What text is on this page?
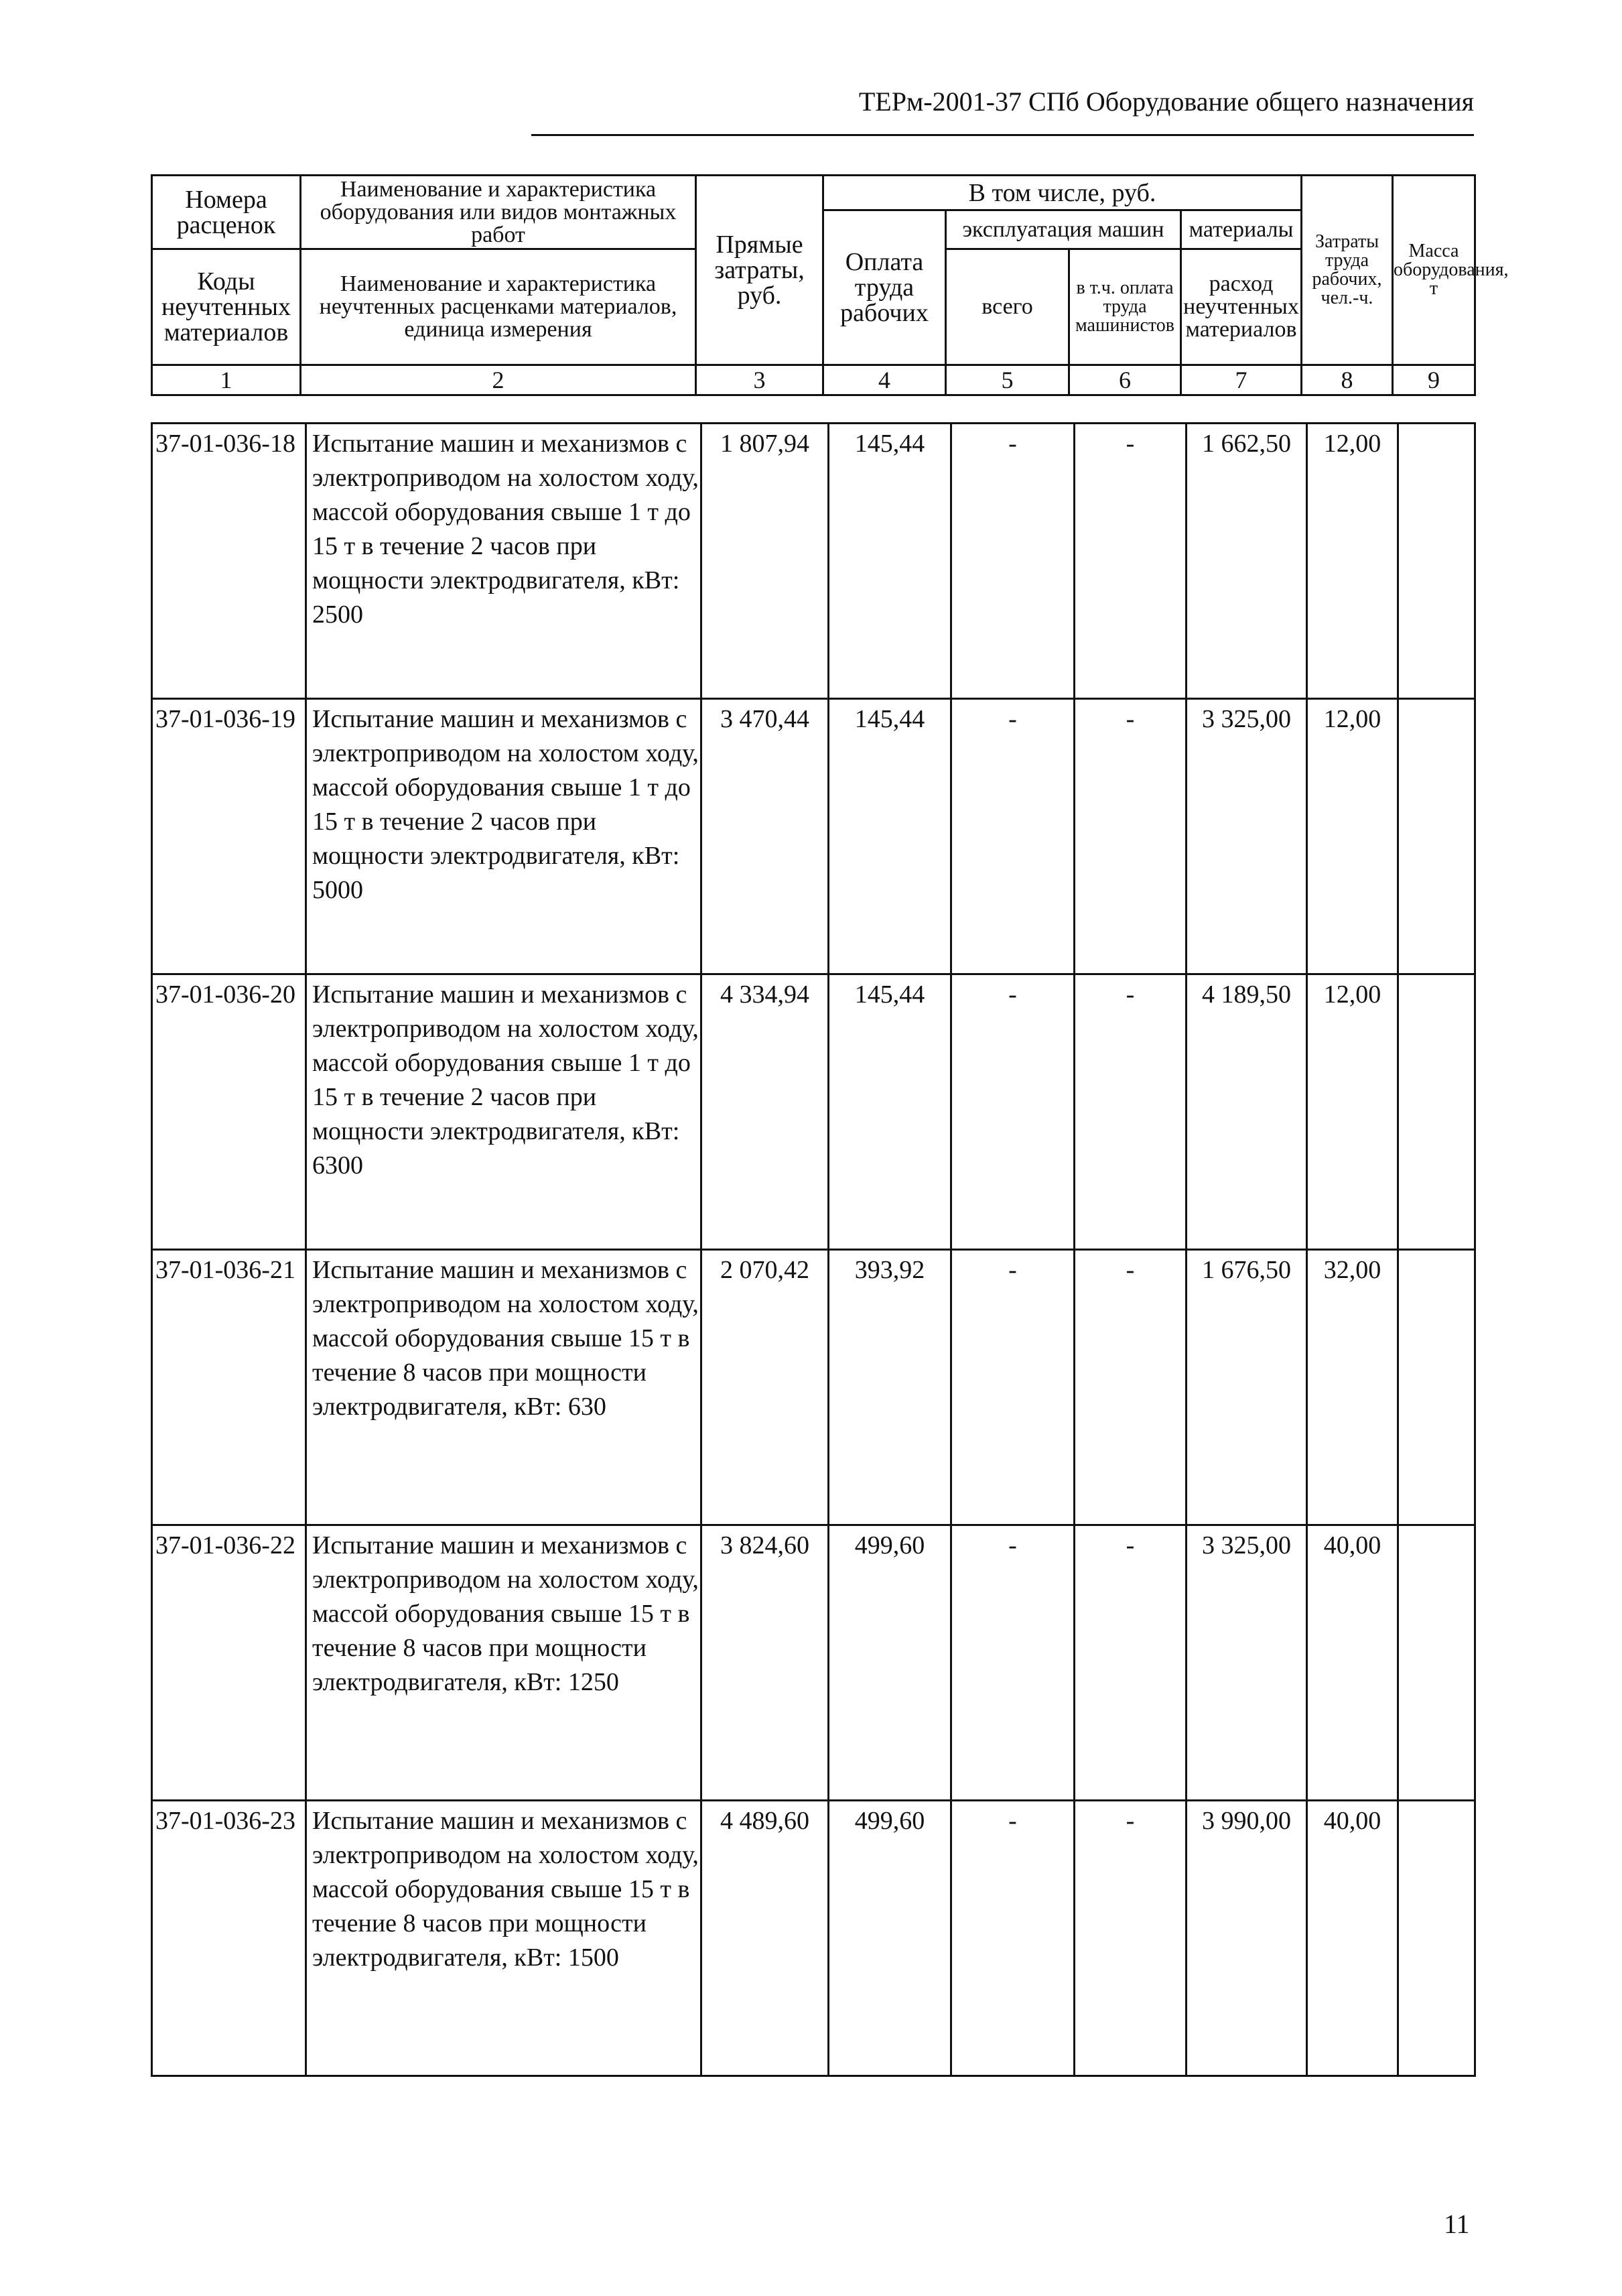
ТЕРм-2001-37 СПб Оборудование общего назначения
Номера расценок	Наименование и характеристика оборудования или видов монтажных работ	Прямые затраты, руб.	В том числе, руб.				Затраты труда рабочих, чел.-ч.	Масса оборудования, т
			Оплата труда рабочих	эксплуатация машин		материалы		
Коды неучтенных материалов	Наименование и характеристика неучтенных расценками материалов, единица измерения			всего	в т.ч. оплата труда машинистов	расход неучтенных материалов		

1	2	3	4	5	6	7	8	9
37-01-036-18	Испытание машин и механизмов с электроприводом на холостом ходу, массой оборудования свыше 1 т до 15 т в течение 2 часов при мощности электродвигателя, кВт: 2500	1 807,94	145,44	-	-	1 662,50	12,00	
37-01-036-19	Испытание машин и механизмов с электроприводом на холостом ходу, массой оборудования свыше 1 т до 15 т в течение 2 часов при мощности электродвигателя, кВт: 5000	3 470,44	145,44	-	-	3 325,00	12,00	
37-01-036-20	Испытание машин и механизмов с электроприводом на холостом ходу, массой оборудования свыше 1 т до 15 т в течение 2 часов при мощности электродвигателя, кВт: 6300	4 334,94	145,44	-	-	4 189,50	12,00	
37-01-036-21	Испытание машин и механизмов с электроприводом на холостом ходу, массой оборудования свыше 15 т в течение 8 часов при мощности электродвигателя, кВт: 630	2 070,42	393,92	-	-	1 676,50	32,00	
37-01-036-22	Испытание машин и механизмов с электроприводом на холостом ходу, массой оборудования свыше 15 т в течение 8 часов при мощности электродвигателя, кВт: 1250	3 824,60	499,60	-	-	3 325,00	40,00	
37-01-036-23	Испытание машин и механизмов с электроприводом на холостом ходу, массой оборудования свыше 15 т в течение 8 часов при мощности электродвигателя, кВт: 1500	4 489,60	499,60	-	-	3 990,00	40,00	
11
